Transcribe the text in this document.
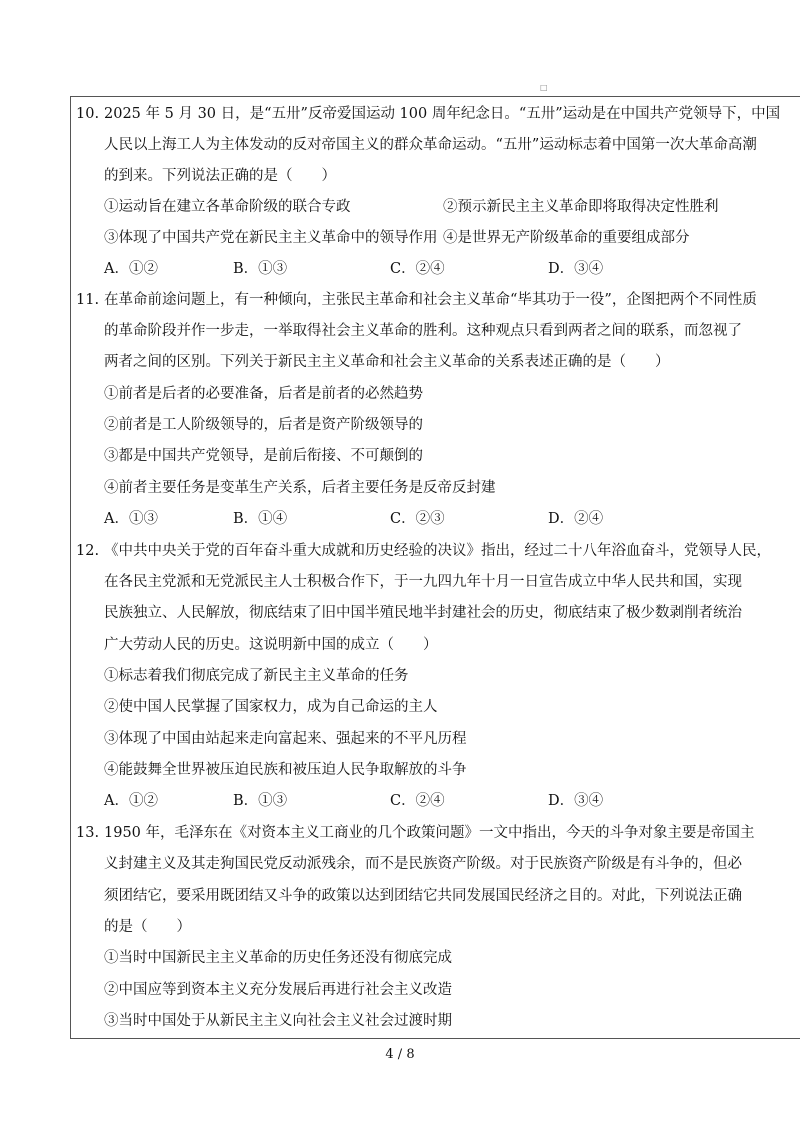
□
10. 2025 年 5 月 30 日，是“五卅”反帝爱国运动 100 周年纪念日。“五卅”运动是在中国共产党领导下，中国
人民以上海工人为主体发动的反对帝国主义的群众革命运动。“五卅”运动标志着中国第一次大革命高潮
的到来。下列说法正确的是（　　）
①运动旨在建立各革命阶级的联合专政	②预示新民主主义革命即将取得决定性胜利
③体现了中国共产党在新民主主义革命中的领导作用 ④是世界无产阶级革命的重要组成部分
A．①②	B．①③	C．②④	D．③④
11. 在革命前途问题上，有一种倾向，主张民主革命和社会主义革命“毕其功于一役”，企图把两个不同性质
的革命阶段并作一步走，一举取得社会主义革命的胜利。这种观点只看到两者之间的联系，而忽视了
两者之间的区别。下列关于新民主主义革命和社会主义革命的关系表述正确的是（　　）
①前者是后者的必要准备，后者是前者的必然趋势
②前者是工人阶级领导的，后者是资产阶级领导的
③都是中国共产党领导，是前后衔接、不可颠倒的
④前者主要任务是变革生产关系，后者主要任务是反帝反封建
A．①③	B．①④	C．②③	D．②④
12. 《中共中央关于党的百年奋斗重大成就和历史经验的决议》指出，经过二十八年浴血奋斗，党领导人民，
在各民主党派和无党派民主人士积极合作下，于一九四九年十月一日宣告成立中华人民共和国，实现
民族独立、人民解放，彻底结束了旧中国半殖民地半封建社会的历史，彻底结束了极少数剥削者统治
广大劳动人民的历史。这说明新中国的成立（　　）
①标志着我们彻底完成了新民主主义革命的任务
②使中国人民掌握了国家权力，成为自己命运的主人
③体现了中国由站起来走向富起来、强起来的不平凡历程
④能鼓舞全世界被压迫民族和被压迫人民争取解放的斗争
A．①②	B．①③	C．②④	D．③④
13. 1950 年，毛泽东在《对资本主义工商业的几个政策问题》一文中指出，今天的斗争对象主要是帝国主
义封建主义及其走狗国民党反动派残余，而不是民族资产阶级。对于民族资产阶级是有斗争的，但必
须团结它，要采用既团结又斗争的政策以达到团结它共同发展国民经济之目的。对此，下列说法正确
的是（　　）
①当时中国新民主主义革命的历史任务还没有彻底完成
②中国应等到资本主义充分发展后再进行社会主义改造
③当时中国处于从新民主主义向社会主义社会过渡时期
4 / 8
